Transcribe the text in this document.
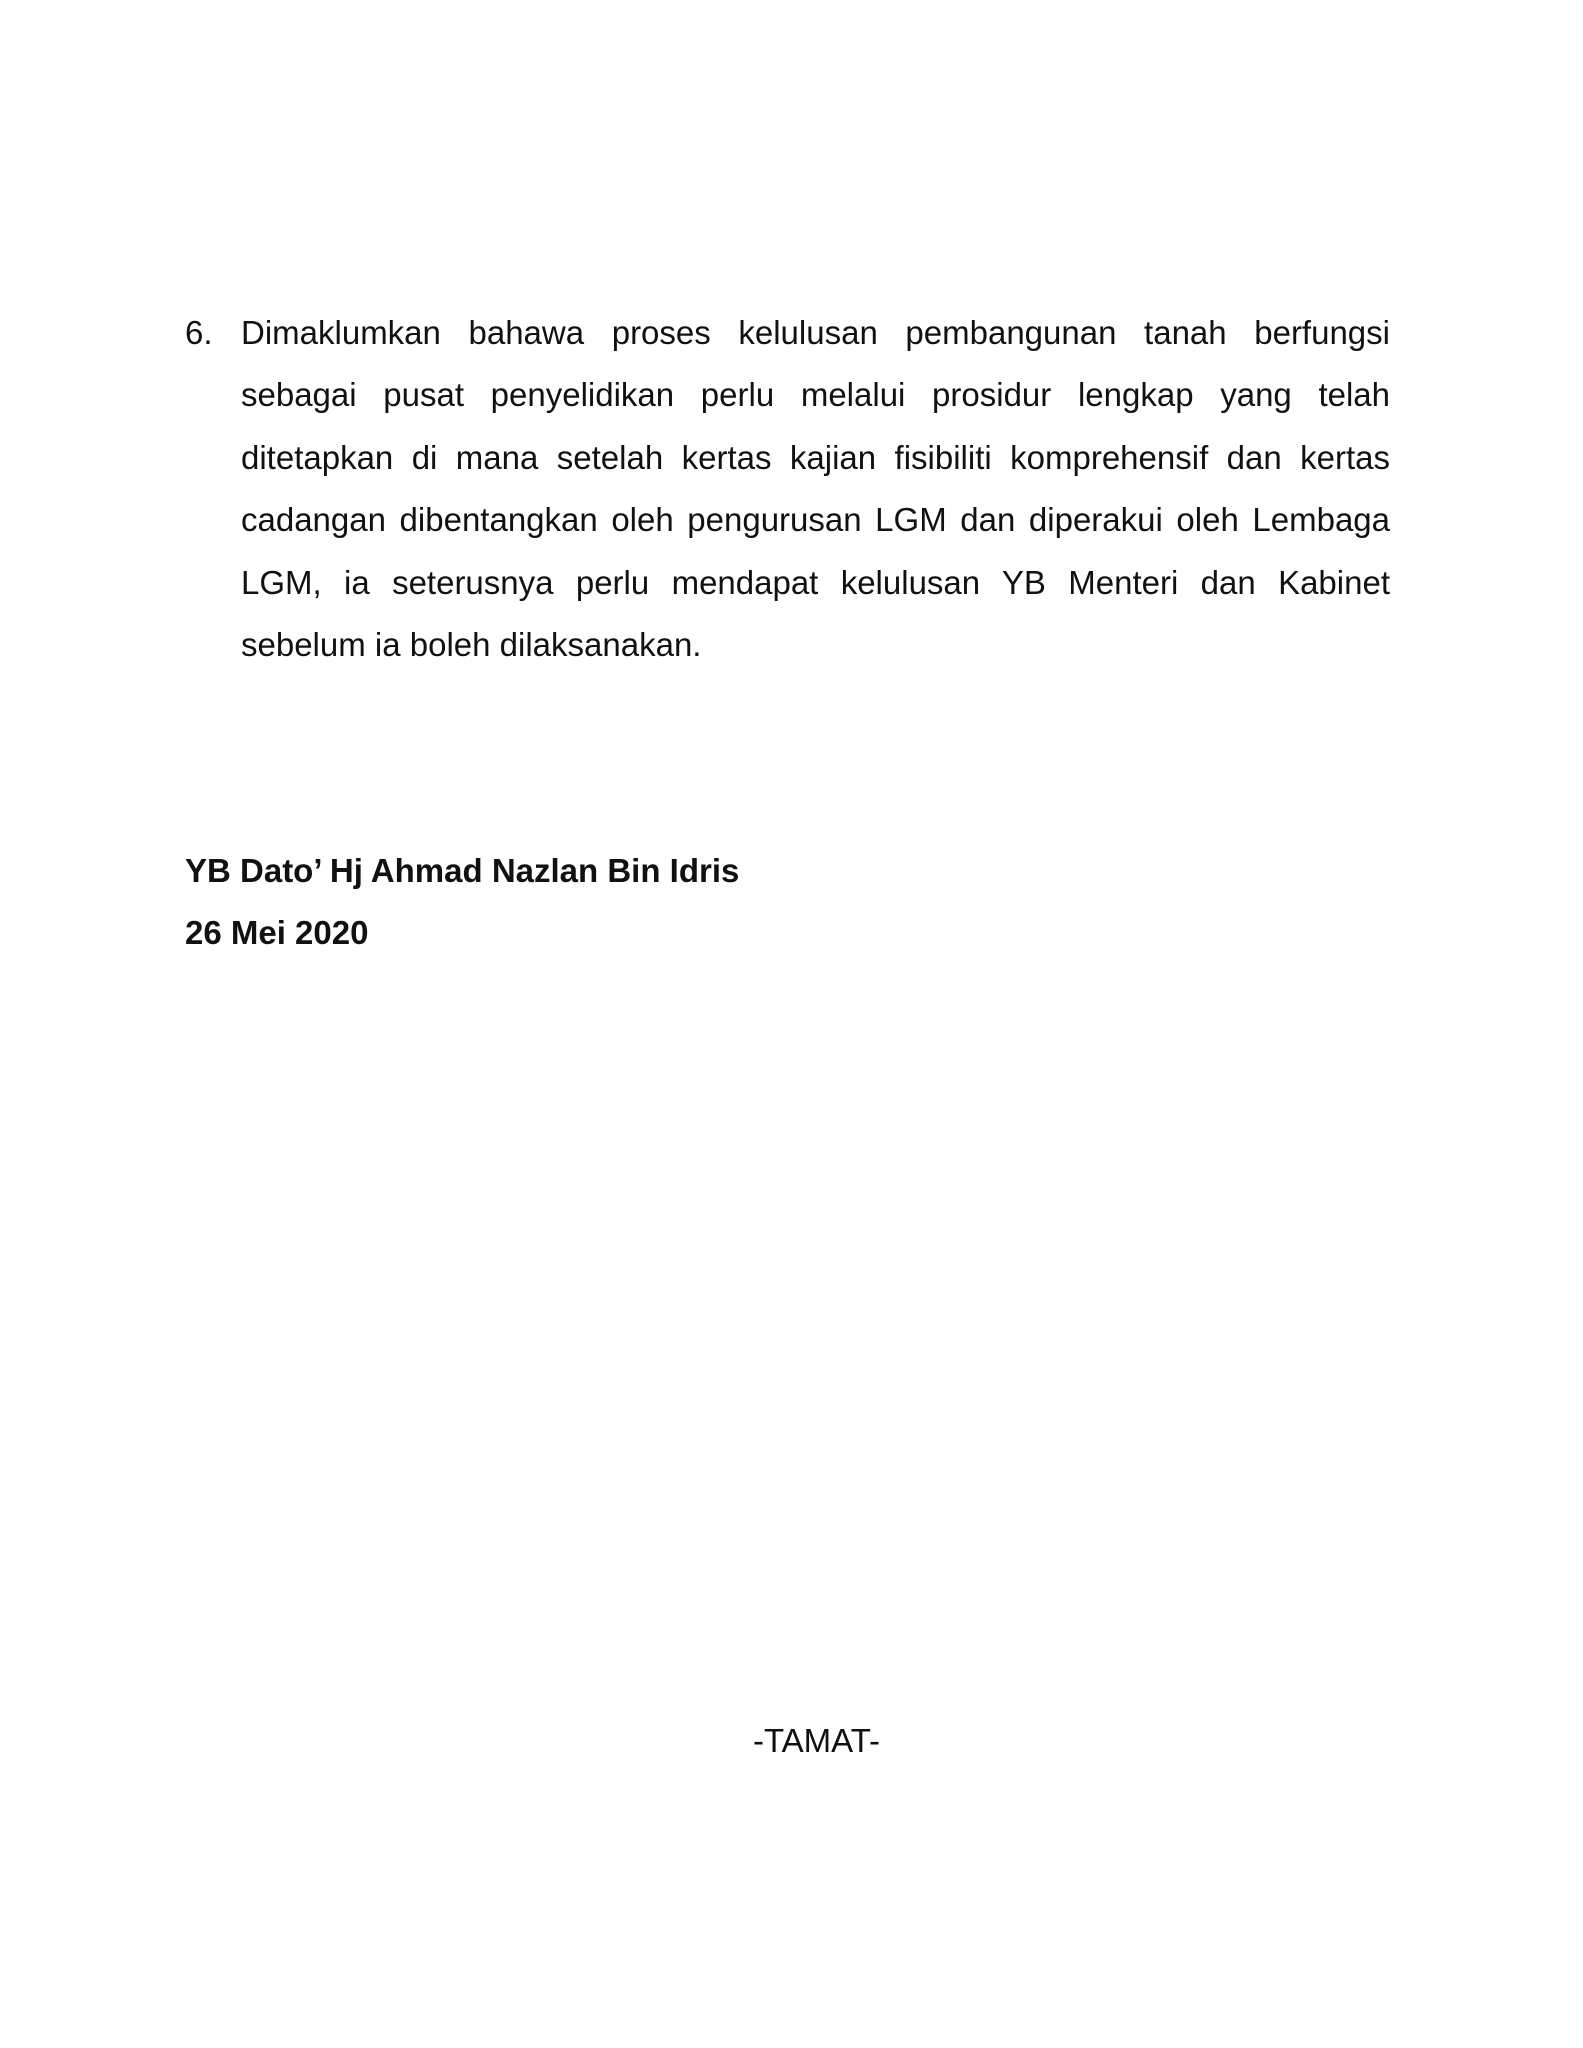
6. Dimaklumkan bahawa proses kelulusan pembangunan tanah berfungsi sebagai pusat penyelidikan perlu melalui prosidur lengkap yang telah ditetapkan di mana setelah kertas kajian fisibiliti komprehensif dan kertas cadangan dibentangkan oleh pengurusan LGM dan diperakui oleh Lembaga LGM, ia seterusnya perlu mendapat kelulusan YB Menteri dan Kabinet sebelum ia boleh dilaksanakan.

YB Dato’ Hj Ahmad Nazlan Bin Idris
26 Mei 2020
-TAMAT-
